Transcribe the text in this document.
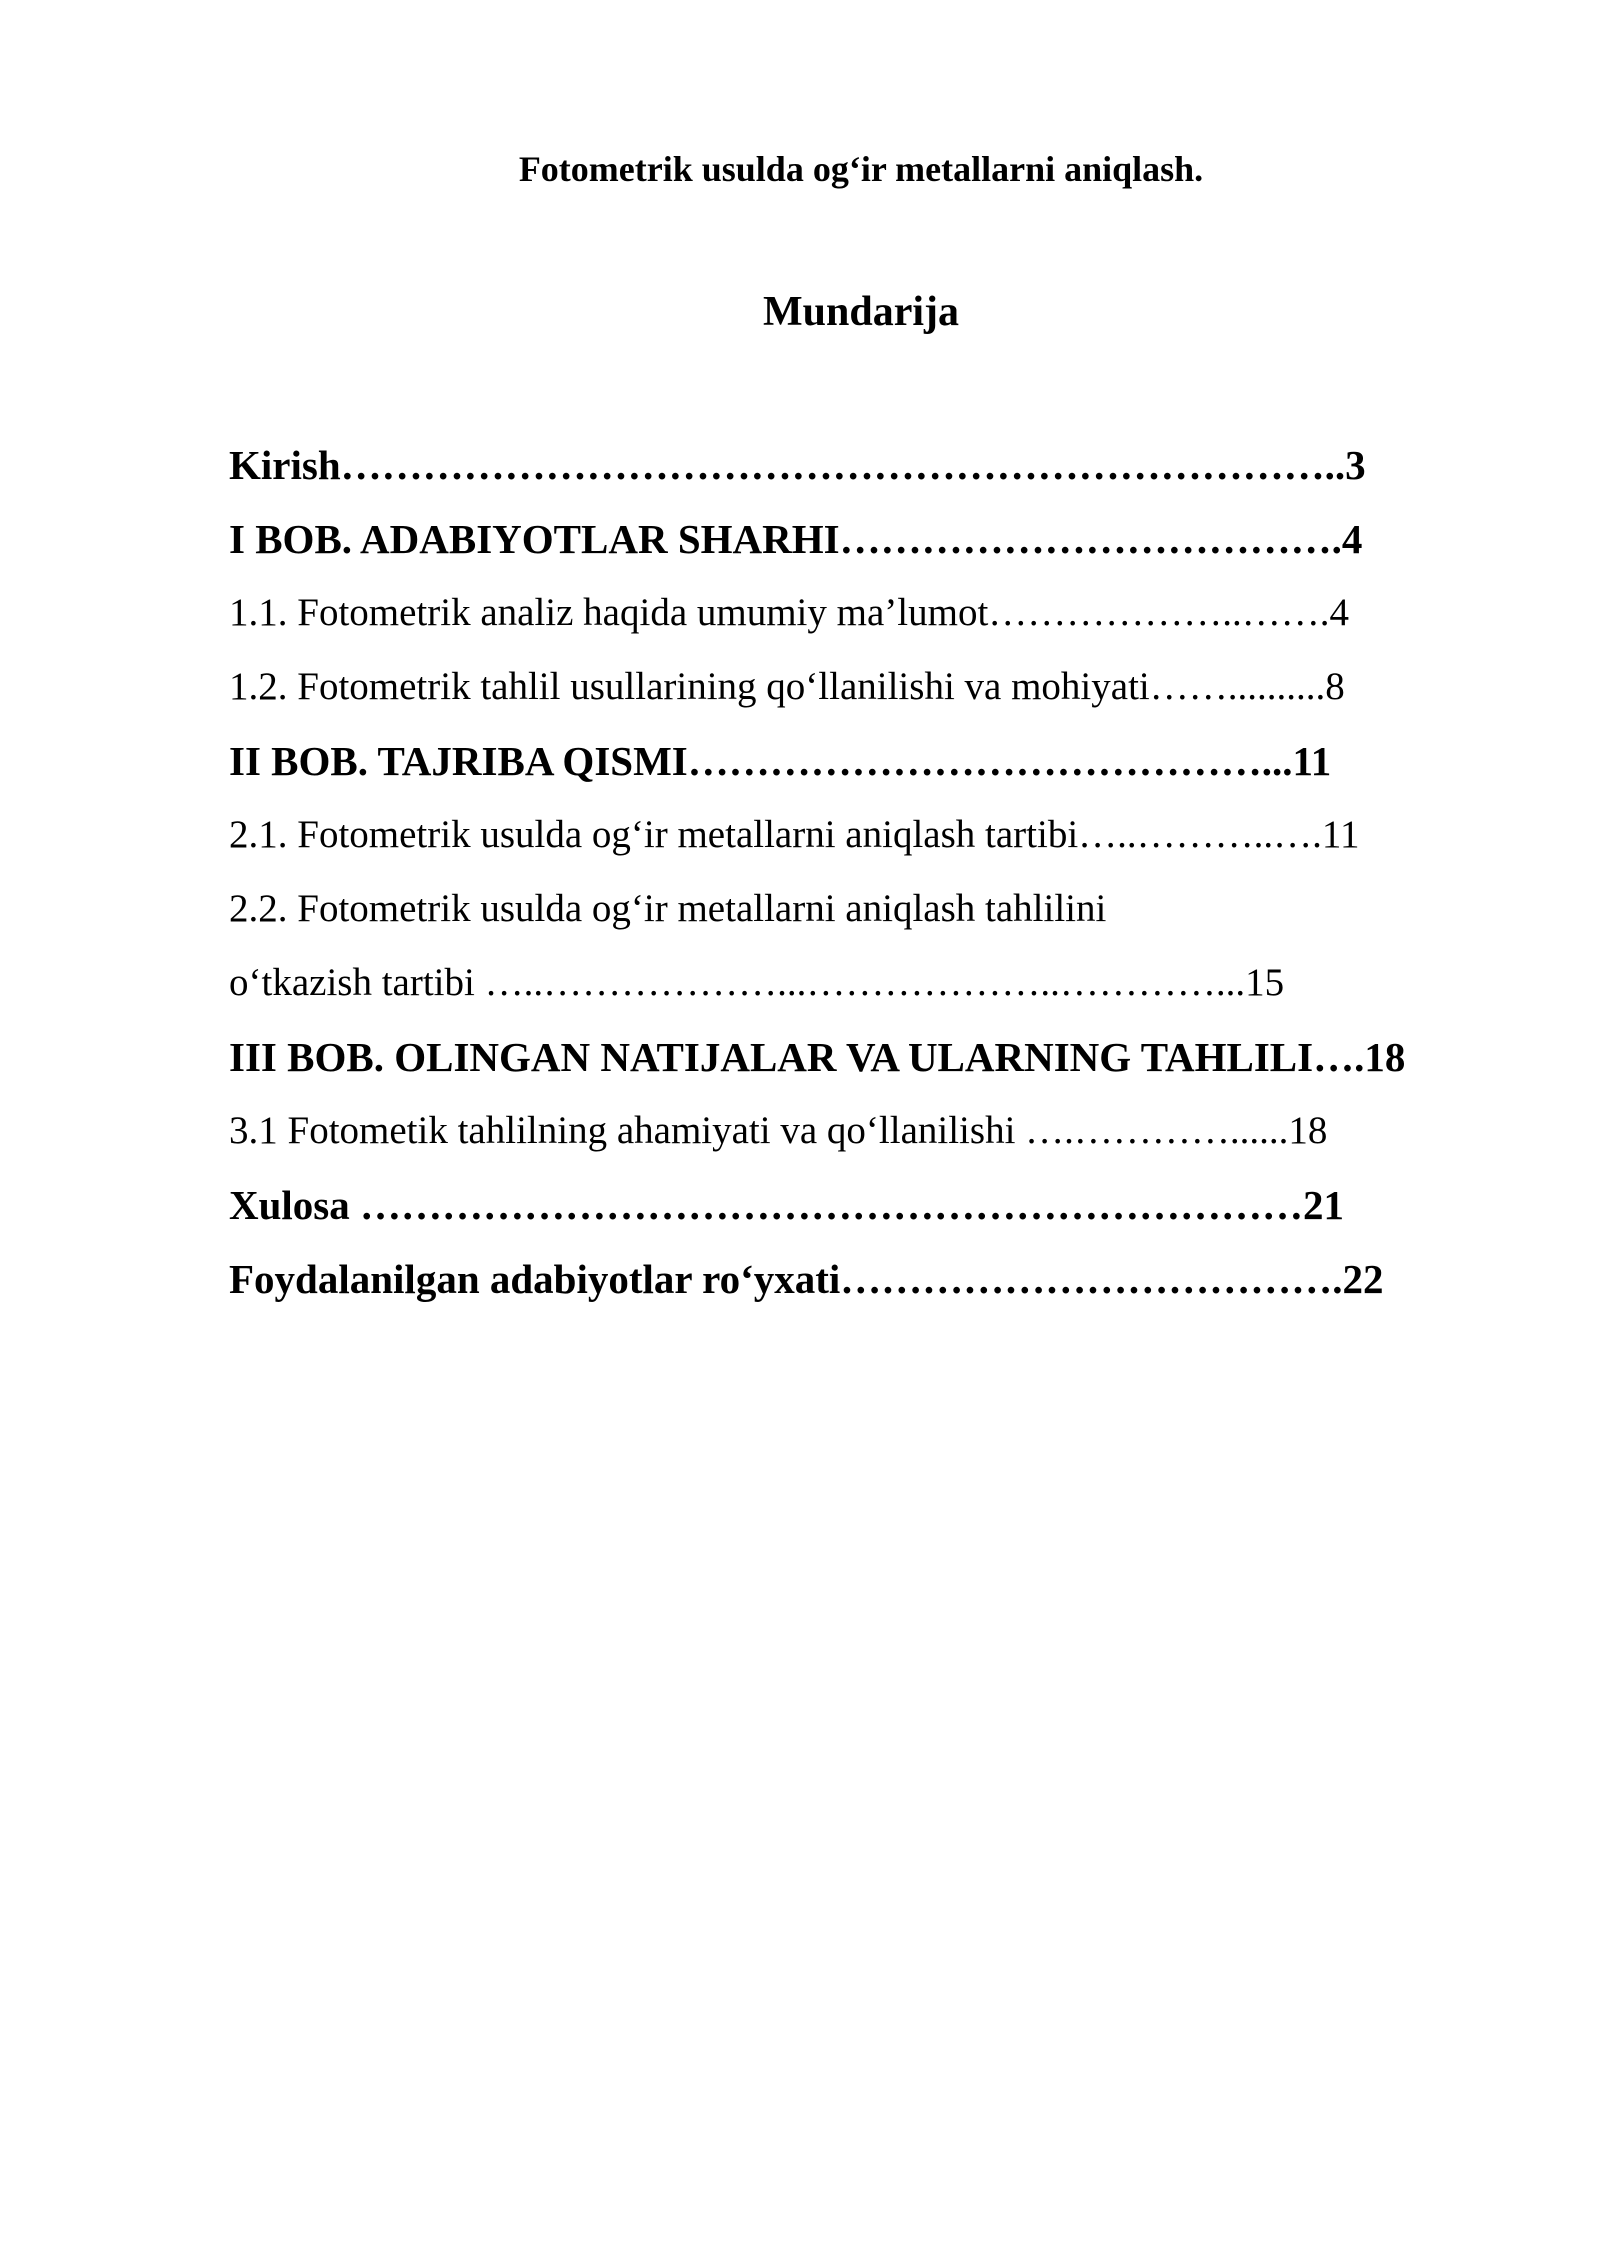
Fotometrik usulda og‘ir metallarni aniqlash.

Mundarija

Kirish………………………………………………………………..3

I BOB. ADABIYOTLAR SHARHI……………………………….4

1.1. Fotometrik analiz haqida umumiy ma’lumot………………..…….4

1.2. Fotometrik tahlil usullarining qo‘llanilishi va mohiyati……..........8

II BOB. TAJRIBA QISMI……………………………………...11

2.1. Fotometrik usulda og‘ir metallarni aniqlash tartibi…..………..….11

2.2. Fotometrik usulda og‘ir metallarni aniqlash tahlilini

o‘tkazish tartibi …..………………...………………..…………...15

III BOB. OLINGAN NATIJALAR VA ULARNING TAHLILI….18

3.1 Fotometik tahlilning ahamiyati va qo‘llanilishi ….…………......18

Xulosa ……………………………………………………………21

Foydalanilgan adabiyotlar ro‘yxati……………………………….22
